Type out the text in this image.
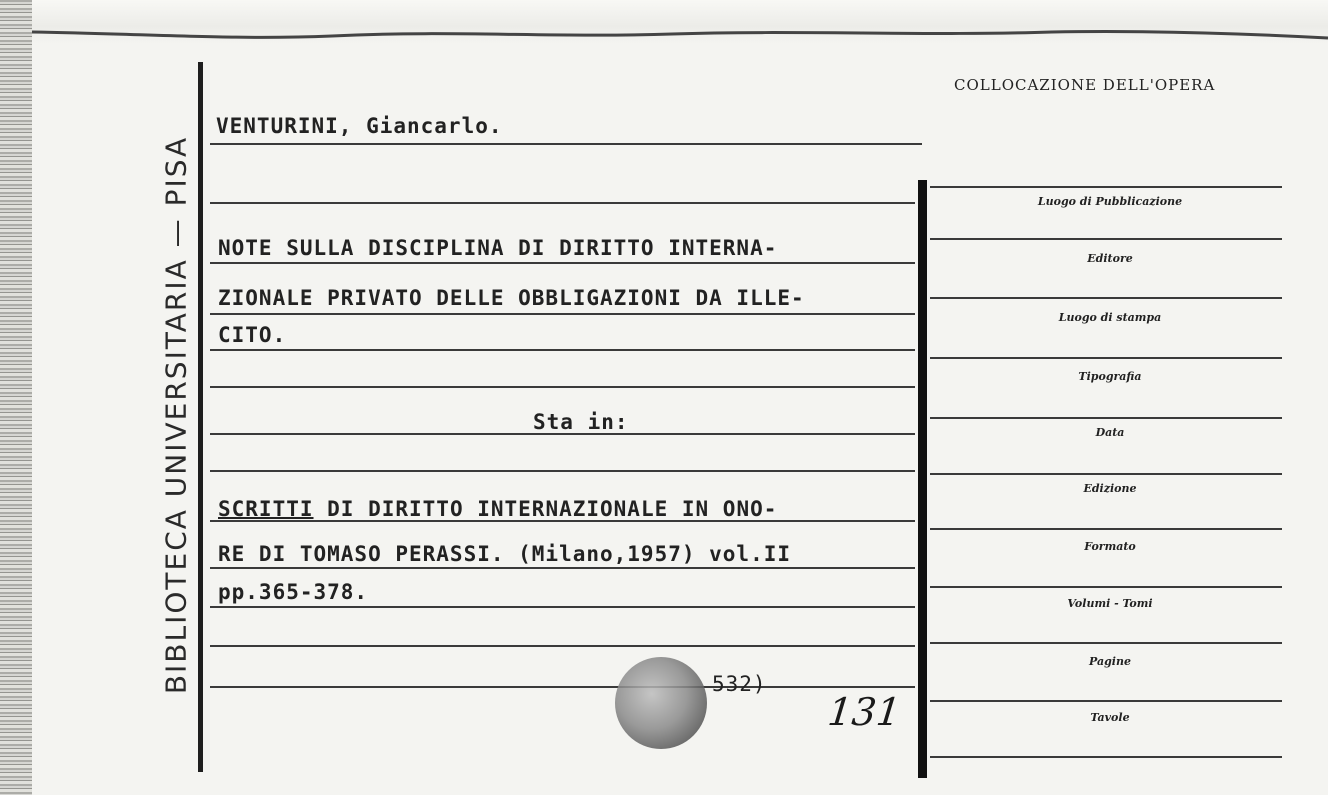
BIBLIOTECA UNIVERSITARIA — PISA
COLLOCAZIONE DELL'OPERA
Luogo di Pubblicazione
Editore
Luogo di stampa
Tipografia
Data
Edizione
Formato
Volumi - Tomi
Pagine
Tavole
VENTURINI, Giancarlo.
NOTE SULLA DISCIPLINA DI DIRITTO INTERNA-
ZIONALE PRIVATO DELLE OBBLIGAZIONI DA ILLE-
CITO.
Sta in:
SCRITTI DI DIRITTO INTERNAZIONALE IN ONO-
RE DI TOMASO PERASSI. (Milano,1957) vol.II
pp.365-378.
532)
131
